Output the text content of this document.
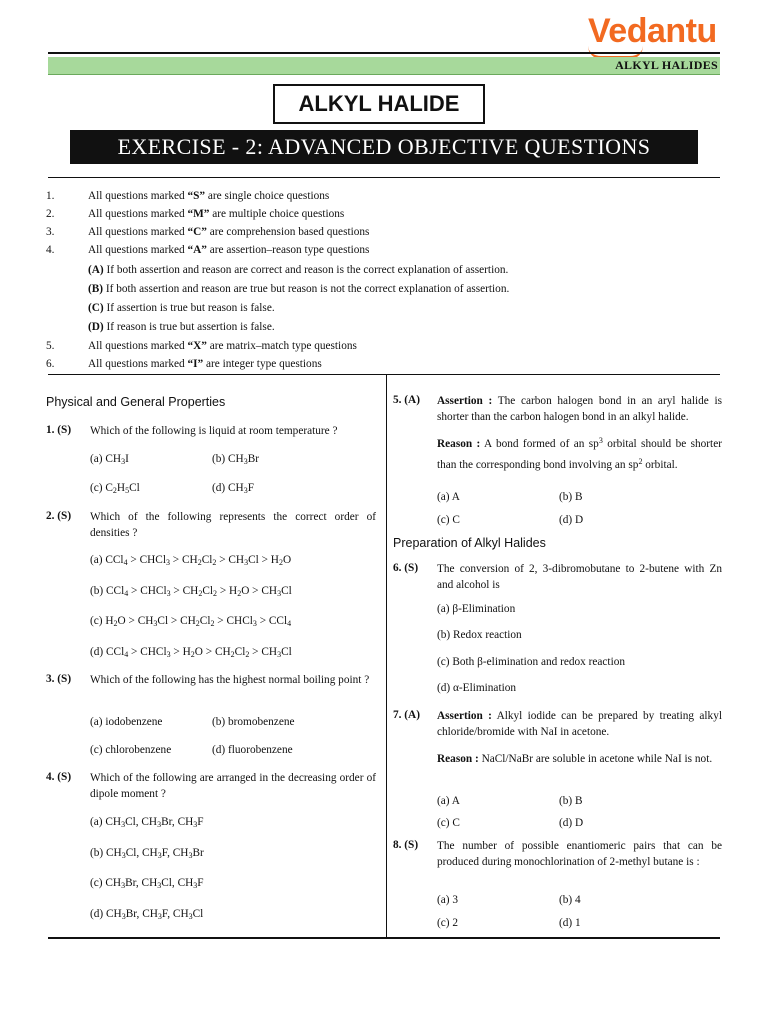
Vedantu
ALKYL HALIDES
ALKYL HALIDE
EXERCISE - 2: ADVANCED OBJECTIVE QUESTIONS
1.	All questions marked “S” are single choice questions
2.	All questions marked “M” are multiple choice questions
3.	All questions marked “C” are comprehension based questions
4.	All questions marked “A” are assertion–reason type questions
(A) If both assertion and reason are correct and reason is the correct explanation of assertion.
(B) If both assertion and reason are true but reason is not the correct explanation of assertion.
(C) If assertion is true but reason is false.
(D) If reason is true but assertion is false.
5.	All questions marked “X” are matrix–match type questions
6.	All questions marked “I” are integer type questions
Physical and General Properties
1. (S) Which of the following is liquid at room temperature ?
(a) $CH_3I$	(b) $CH_3Br$
(c) $C_2H_5Cl$	(d) $CH_3F$
2. (S) Which of the following represents the correct order of densities ?
(a) CCl$_4$ > CHCl$_3$ > $CH_2Cl_2 > CH_3Cl > H_2O$
(b) CCl$_4$ > CHCl$_3$ > $CH_2Cl_2 > H_2O > CH_3Cl$
(c) $H_2O > CH_3Cl > CH_2Cl_2$ > CHCl$_3$ > CCl$_4$
(d) CCl$_4$ > CHCl$_3$ > $H_2O > CH_2Cl_2 > CH_3Cl$
3. (S) Which of the following has the highest normal boiling point ?
(a) iodobenzene	(b) bromobenzene
(c) chlorobenzene	(d) fluorobenzene
4. (S) Which of the following are arranged in the decreasing order of dipole moment ?
(a) $CH_3Cl$, $CH_3Br$, $CH_3F$
(b) $CH_3Cl$, $CH_3F$, $CH_3Br$
(c) $CH_3Br$, $CH_3Cl$, $CH_3F$
(d) $CH_3Br$, $CH_3F$, $CH_3Cl$
5. (A) Assertion : The carbon halogen bond in an aryl halide is shorter than the carbon halogen bond in an alkyl halide.
Reason : A bond formed of an $sp^3$ orbital should be shorter than the corresponding bond involving an $sp^2$ orbital.
(a) A	(b) B
(c) C	(d) D
Preparation of Alkyl Halides
6. (S) The conversion of 2, 3-dibromobutane to 2-butene with Zn and alcohol is
(a) β-Elimination
(b) Redox reaction
(c) Both β-elimination and redox reaction
(d) α-Elimination
7. (A) Assertion : Alkyl iodide can be prepared by treating alkyl chloride/bromide with NaI in acetone.
Reason : NaCl/NaBr are soluble in acetone while NaI is not.
(a) A	(b) B
(c) C	(d) D
8. (S) The number of possible enantiomeric pairs that can be produced during monochlorination of 2-methyl butane is :
(a) 3	(b) 4
(c) 2	(d) 1
